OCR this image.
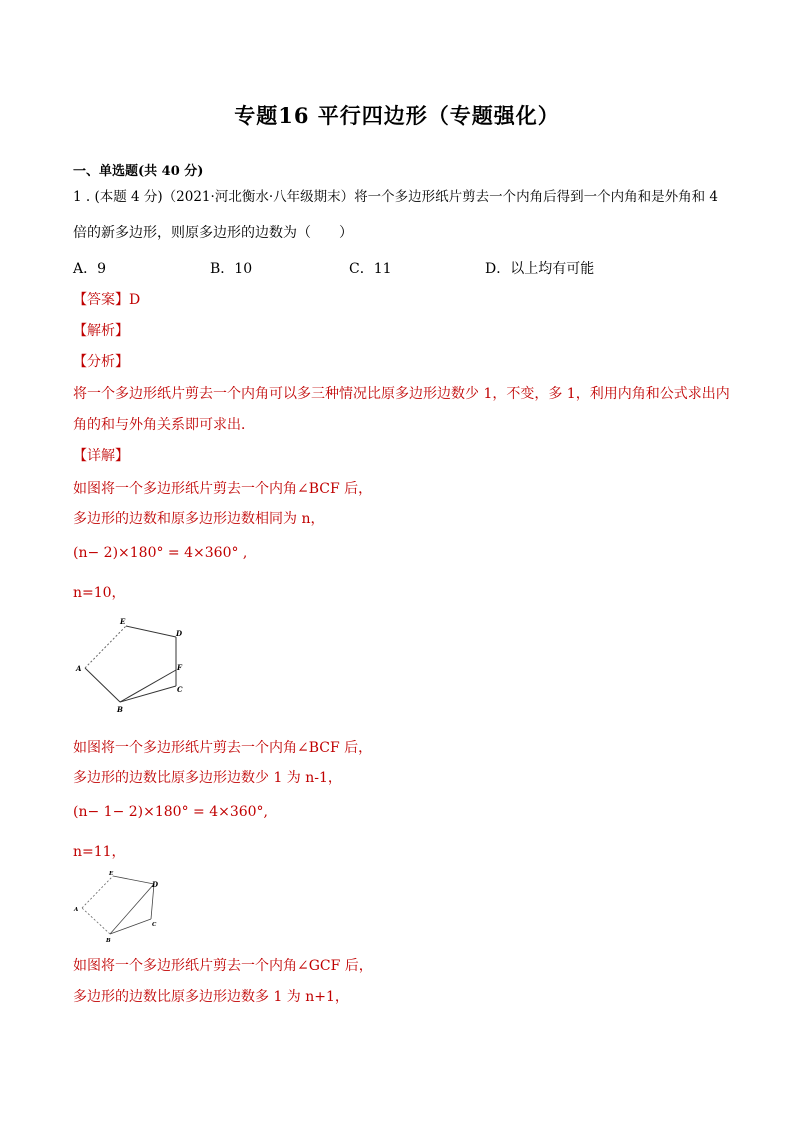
专题16 平行四边形（专题强化）
一、单选题(共 40 分)
1 . (本题 4 分)（2021·河北衡水·八年级期末）将一个多边形纸片剪去一个内角后得到一个内角和是外角和 4
倍的新多边形，则原多边形的边数为（　　）
A．9	B．10	C．11	D．以上均有可能
【答案】D
【解析】
【分析】
将一个多边形纸片剪去一个内角可以多三种情况比原多边形边数少 1，不变，多 1，利用内角和公式求出内
角的和与外角关系即可求出．
【详解】
如图将一个多边形纸片剪去一个内角∠BCF 后，
多边形的边数和原多边形边数相同为 n，
(n− 2)×180° = 4×360° ,
n=10，
E
D
A	F
C
B
如图将一个多边形纸片剪去一个内角∠BCF 后，
多边形的边数比原多边形边数少 1 为 n-1，
(n− 1− 2)×180° = 4×360°,
n=11，
E
D
A
C
B
如图将一个多边形纸片剪去一个内角∠GCF 后，
多边形的边数比原多边形边数多 1 为 n+1，
